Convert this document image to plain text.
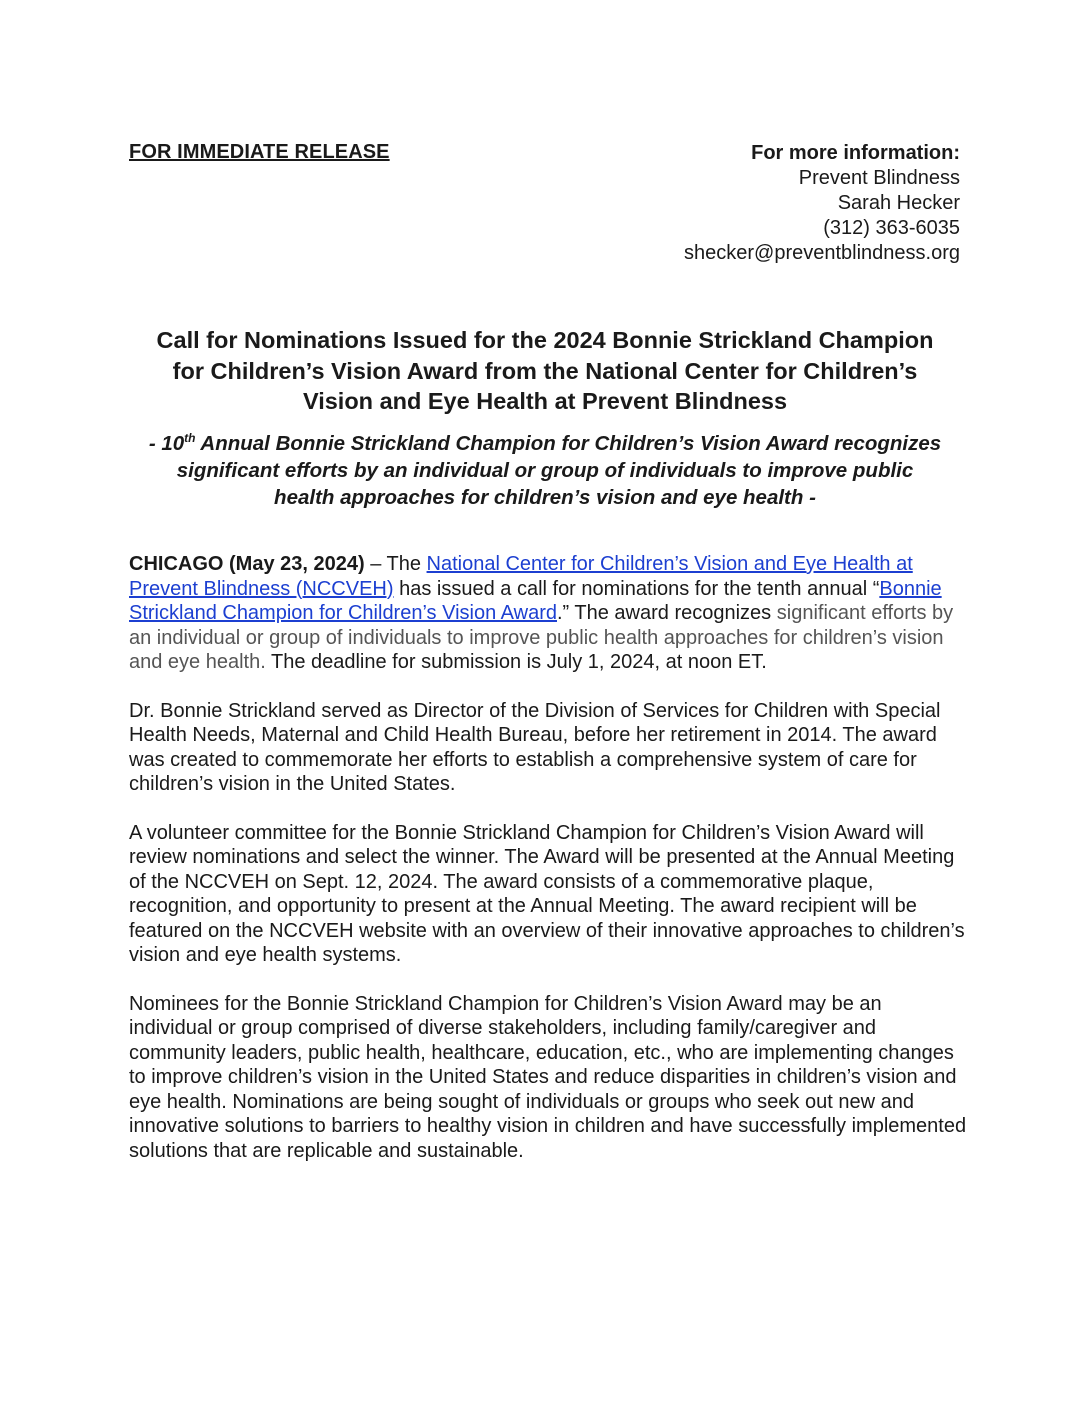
FOR IMMEDIATE RELEASE	For more information:
Prevent Blindness
Sarah Hecker
(312) 363-6035
shecker@preventblindness.org
Call for Nominations Issued for the 2024 Bonnie Strickland Champion
for Children’s Vision Award from the National Center for Children’s
Vision and Eye Health at Prevent Blindness
- 10th Annual Bonnie Strickland Champion for Children’s Vision Award recognizes
significant efforts by an individual or group of individuals to improve public
health approaches for children’s vision and eye health -

CHICAGO (May 23, 2024) – The National Center for Children’s Vision and Eye Health at Prevent Blindness (NCCVEH) has issued a call for nominations for the tenth annual “Bonnie Strickland Champion for Children’s Vision Award.” The award recognizes significant efforts by an individual or group of individuals to improve public health approaches for children’s vision and eye health. The deadline for submission is July 1, 2024, at noon ET.

Dr. Bonnie Strickland served as Director of the Division of Services for Children with Special Health Needs, Maternal and Child Health Bureau, before her retirement in 2014. The award was created to commemorate her efforts to establish a comprehensive system of care for children’s vision in the United States.

A volunteer committee for the Bonnie Strickland Champion for Children’s Vision Award will review nominations and select the winner. The Award will be presented at the Annual Meeting of the NCCVEH on Sept. 12, 2024. The award consists of a commemorative plaque, recognition, and opportunity to present at the Annual Meeting. The award recipient will be featured on the NCCVEH website with an overview of their innovative approaches to children’s vision and eye health systems.

Nominees for the Bonnie Strickland Champion for Children’s Vision Award may be an individual or group comprised of diverse stakeholders, including family/caregiver and community leaders, public health, healthcare, education, etc., who are implementing changes to improve children’s vision in the United States and reduce disparities in children’s vision and eye health. Nominations are being sought of individuals or groups who seek out new and innovative solutions to barriers to healthy vision in children and have successfully implemented solutions that are replicable and sustainable.
